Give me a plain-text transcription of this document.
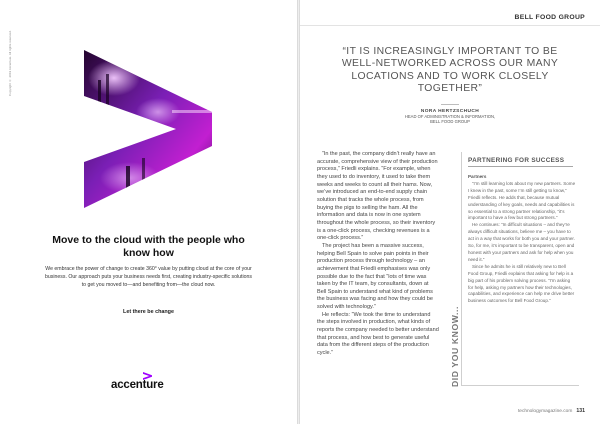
Copyright © 2019 Accenture. All rights reserved.
Move to the cloud with the people who know how
We embrace the power of change to create 360° value by putting cloud at the core of your business. Our approach puts your business needs first, creating industry-specific solutions to get you moved to—and benefiting from—the cloud now.
Let there be change
accenture
BELL FOOD GROUP
“IT IS INCREASINGLY IMPORTANT TO BE WELL-NETWORKED ACROSS OUR MANY LOCATIONS AND TO WORK CLOSELY TOGETHER”
NORA HERTZSCHUCH
HEAD OF ADMINISTRATION & INFORMATION,
BELL FOOD GROUP

“In the past, the company didn’t really have an accurate, comprehensive view of their production process,” Friedli explains. “For example, when they used to do inventory, it used to take them weeks and weeks to count all their hams. Now, we’ve introduced an end-to-end supply chain solution that tracks the whole process, from buying the pigs to selling the ham. All the information and data is now in one system throughout the whole process, so their inventory is a one-click process, checking revenues is a one-click process.”

The project has been a massive success, helping Bell Spain to solve pain points in their production process through technology – an achievement that Friedli emphasises was only possible due to the fact that “lots of time was taken by the IT team, by consultants, down at Bell Spain to understand what kind of problems the business was facing and how they could be solved with technology.”

He reflects: “We took the time to understand the steps involved in production, what kinds of reports the company needed to better understand that process, and how best to generate useful data from the different steps of the production cycle.”	DID YOU KNOW...
PARTNERING FOR SUCCESS

Partners

“I’m still learning lots about my new partners. Some I knew in the past, some I’m still getting to know,” Friedli reflects. He adds that, because mutual understanding of key goals, needs and capabilities is so essential to a strong partner relationship, “it’s important to have a few but strong partners.”

He continues: “In difficult situations – and they’re always difficult situations, believe me – you have to act in a way that works for both you and your partner. So, for me, it’s important to be transparent, open and honest with your partners and ask for help when you need it.”

Since he admits he is still relatively new to Bell Food Group, Friedli explains that asking for help is a big part of his problem solving process. “I’m asking for help, asking my partners how their technologies, capabilities, and experience can help me drive better business outcomes for Bell Food Group.”

technologymagazine.com 131
